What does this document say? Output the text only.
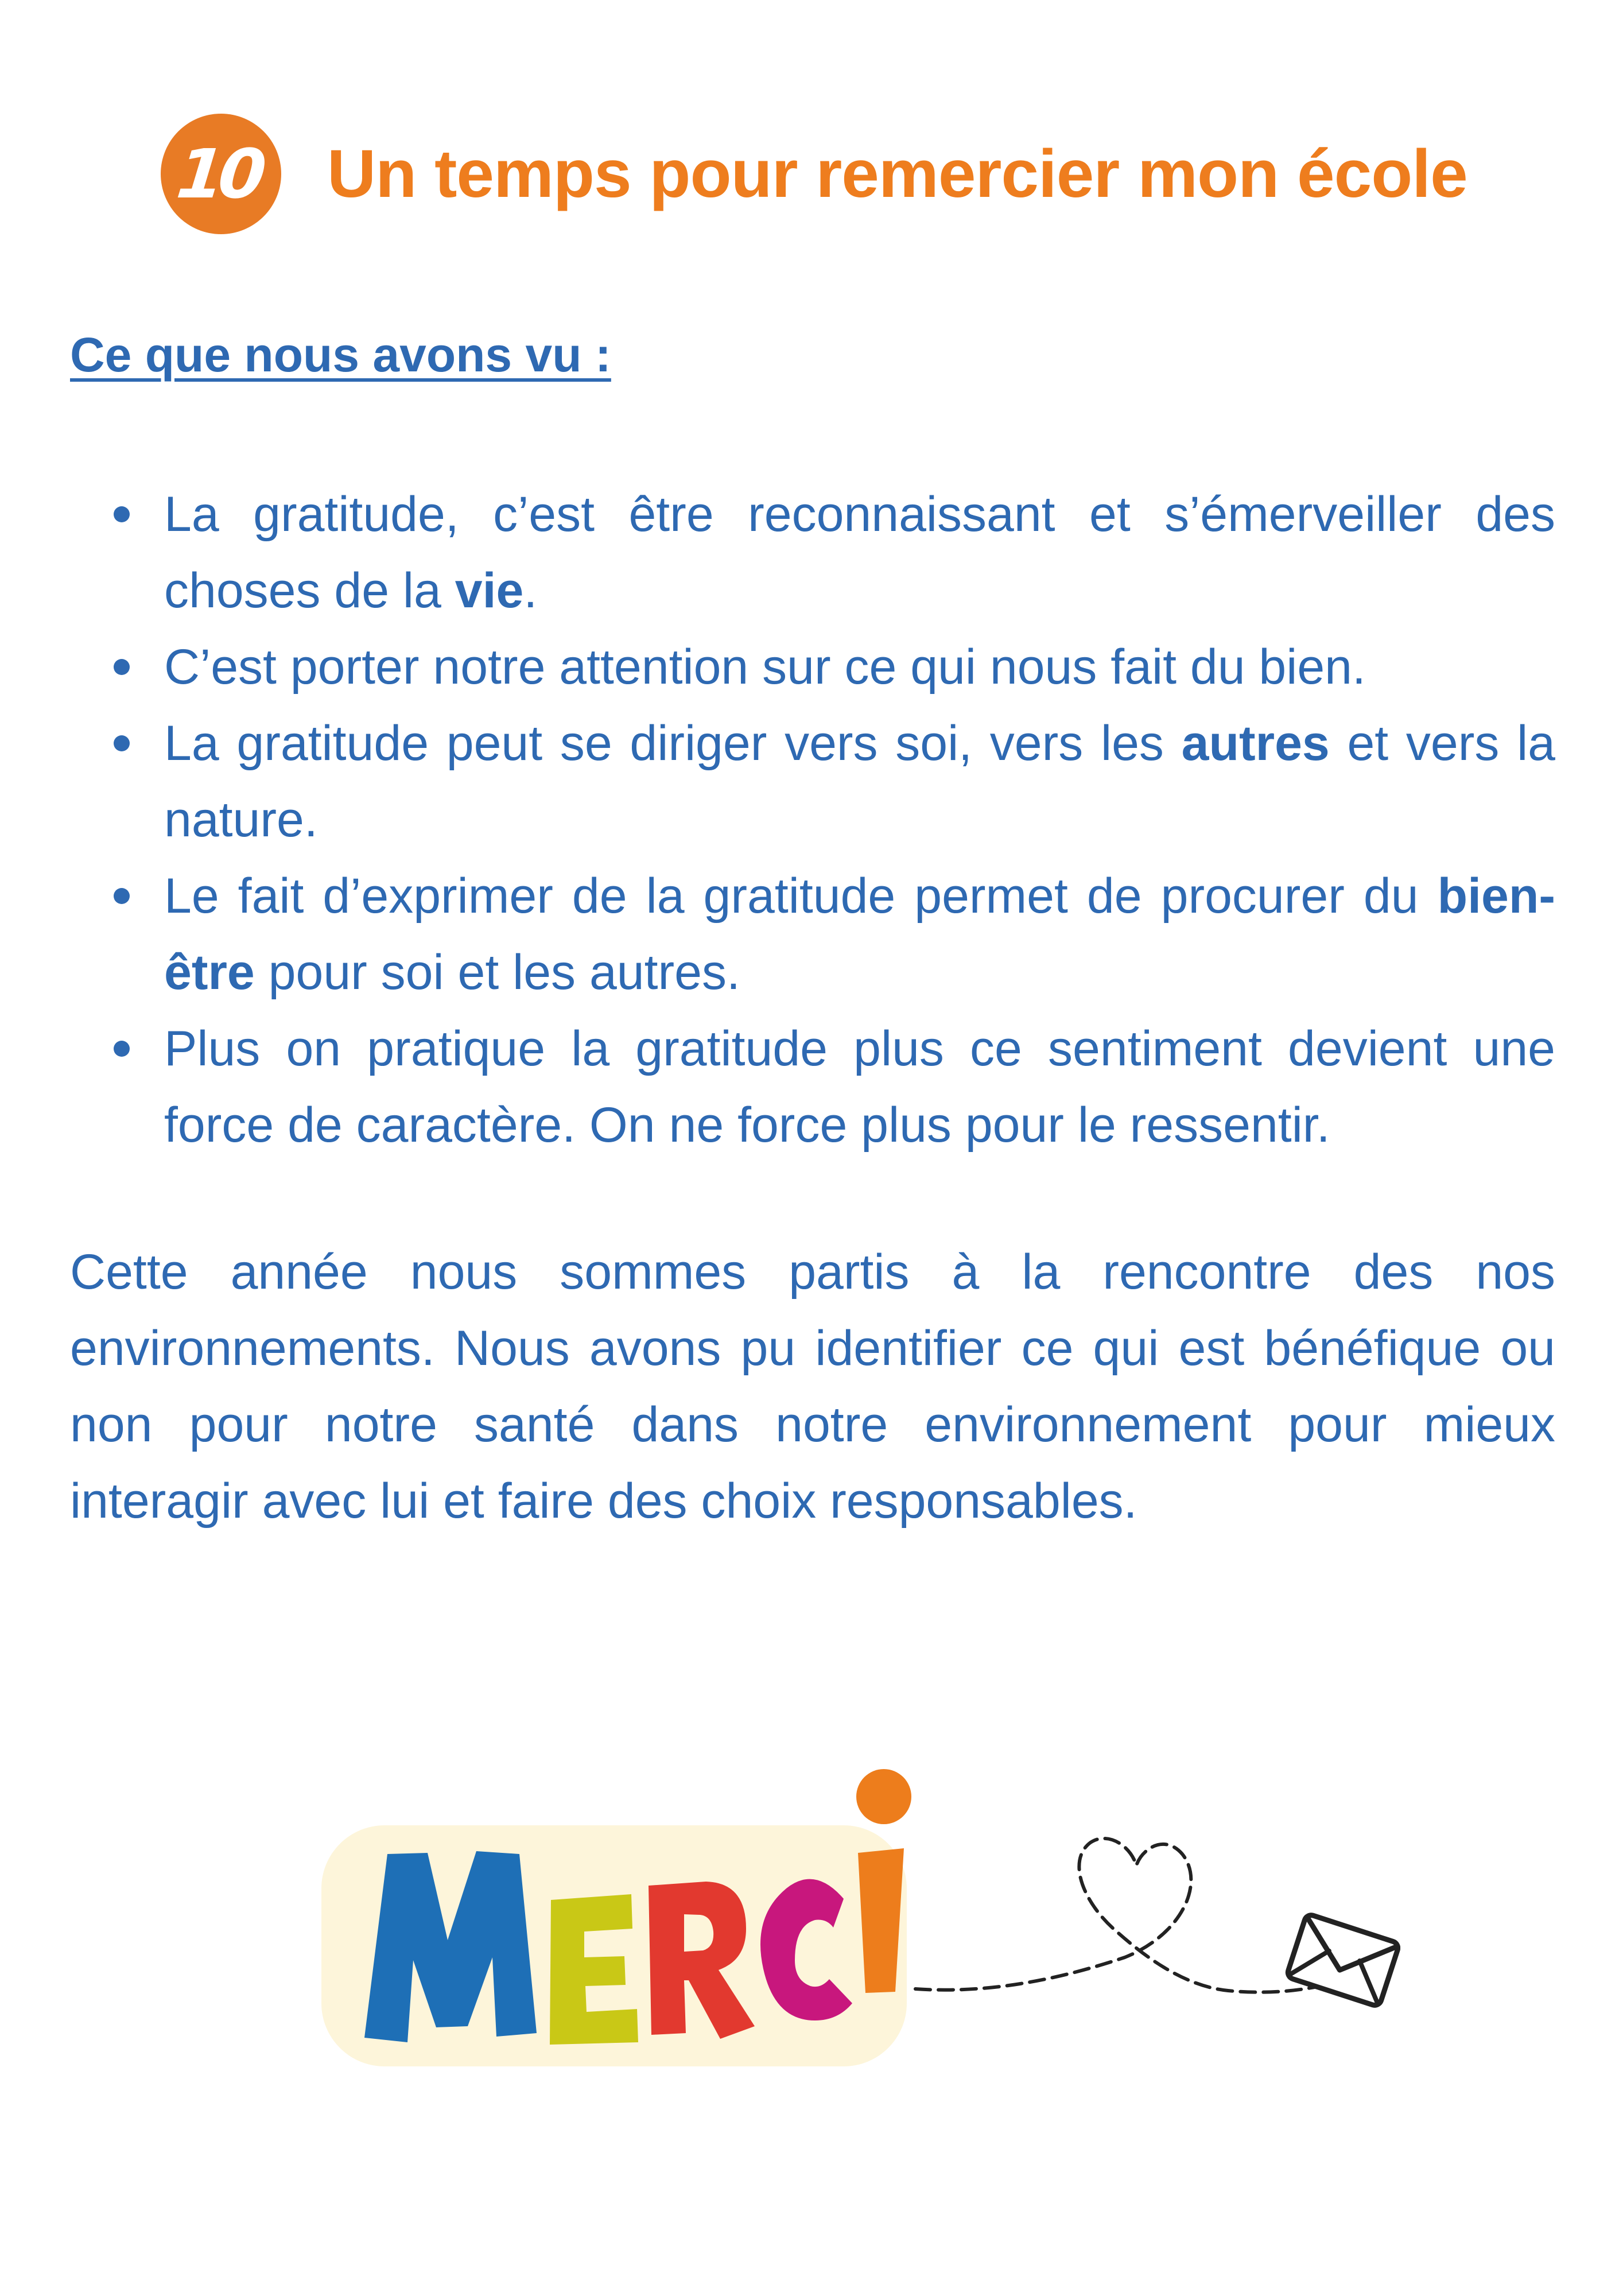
10 Un temps pour remercier mon école
Ce que nous avons vu :
La gratitude, c’est être reconnaissant et s’émerveiller des choses de la vie.
C’est porter notre attention sur ce qui nous fait du bien.
La gratitude peut se diriger vers soi, vers les autres et vers la nature.
Le fait d’exprimer de la gratitude permet de procurer du bien-être pour soi et les autres.
Plus on pratique la gratitude plus ce sentiment devient une force de caractère. On ne force plus pour le ressentir.

Cette année nous sommes partis à la rencontre des nos environnements. Nous avons pu identifier ce qui est bénéfique ou non pour notre santé dans notre environnement pour mieux interagir avec lui et faire des choix responsables.
